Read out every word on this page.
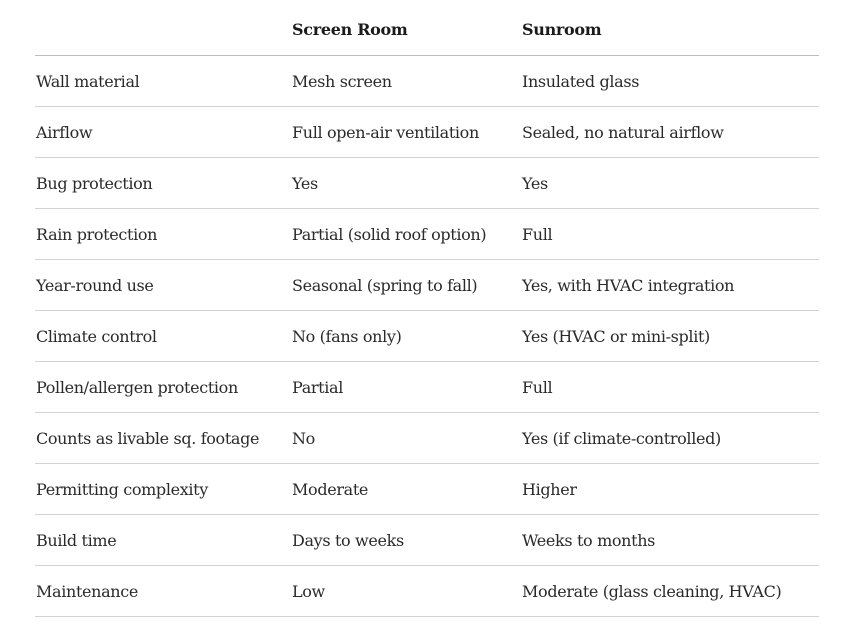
	Screen Room	Sunroom
Wall material	Mesh screen	Insulated glass
Airflow	Full open-air ventilation	Sealed, no natural airflow
Bug protection	Yes	Yes
Rain protection	Partial (solid roof option)	Full
Year-round use	Seasonal (spring to fall)	Yes, with HVAC integration
Climate control	No (fans only)	Yes (HVAC or mini-split)
Pollen/allergen protection	Partial	Full
Counts as livable sq. footage	No	Yes (if climate-controlled)
Permitting complexity	Moderate	Higher
Build time	Days to weeks	Weeks to months
Maintenance	Low	Moderate (glass cleaning, HVAC)
